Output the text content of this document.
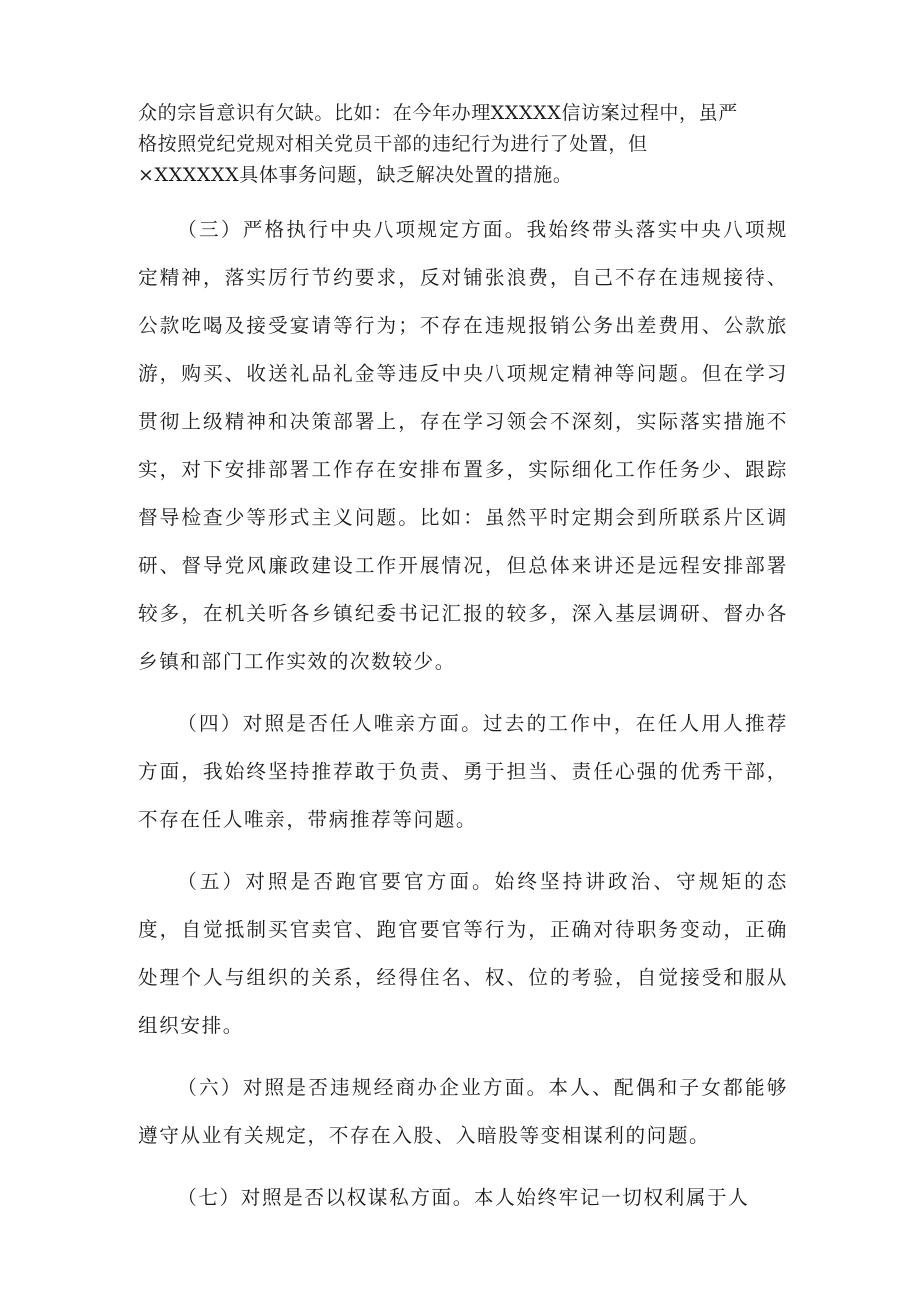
众的宗旨意识有欠缺。比如：在今年办理XXXXX信访案过程中，虽严
格按照党纪党规对相关党员干部的违纪行为进行了处置，但
×XXXXXX具体事务问题，缺乏解决处置的措施。

（三）严格执行中央八项规定方面。我始终带头落实中央八项规定精神，落实厉行节约要求，反对铺张浪费，自己不存在违规接待、公款吃喝及接受宴请等行为；不存在违规报销公务出差费用、公款旅游，购买、收送礼品礼金等违反中央八项规定精神等问题。但在学习贯彻上级精神和决策部署上，存在学习领会不深刻，实际落实措施不实，对下安排部署工作存在安排布置多，实际细化工作任务少、跟踪督导检查少等形式主义问题。比如：虽然平时定期会到所联系片区调研、督导党风廉政建设工作开展情况，但总体来讲还是远程安排部署较多，在机关听各乡镇纪委书记汇报的较多，深入基层调研、督办各乡镇和部门工作实效的次数较少。

（四）对照是否任人唯亲方面。过去的工作中，在任人用人推荐方面，我始终坚持推荐敢于负责、勇于担当、责任心强的优秀干部，不存在任人唯亲，带病推荐等问题。

（五）对照是否跑官要官方面。始终坚持讲政治、守规矩的态度，自觉抵制买官卖官、跑官要官等行为，正确对待职务变动，正确处理个人与组织的关系，经得住名、权、位的考验，自觉接受和服从组织安排。

（六）对照是否违规经商办企业方面。本人、配偶和子女都能够遵守从业有关规定，不存在入股、入暗股等变相谋利的问题。

（七）对照是否以权谋私方面。本人始终牢记一切权利属于人
